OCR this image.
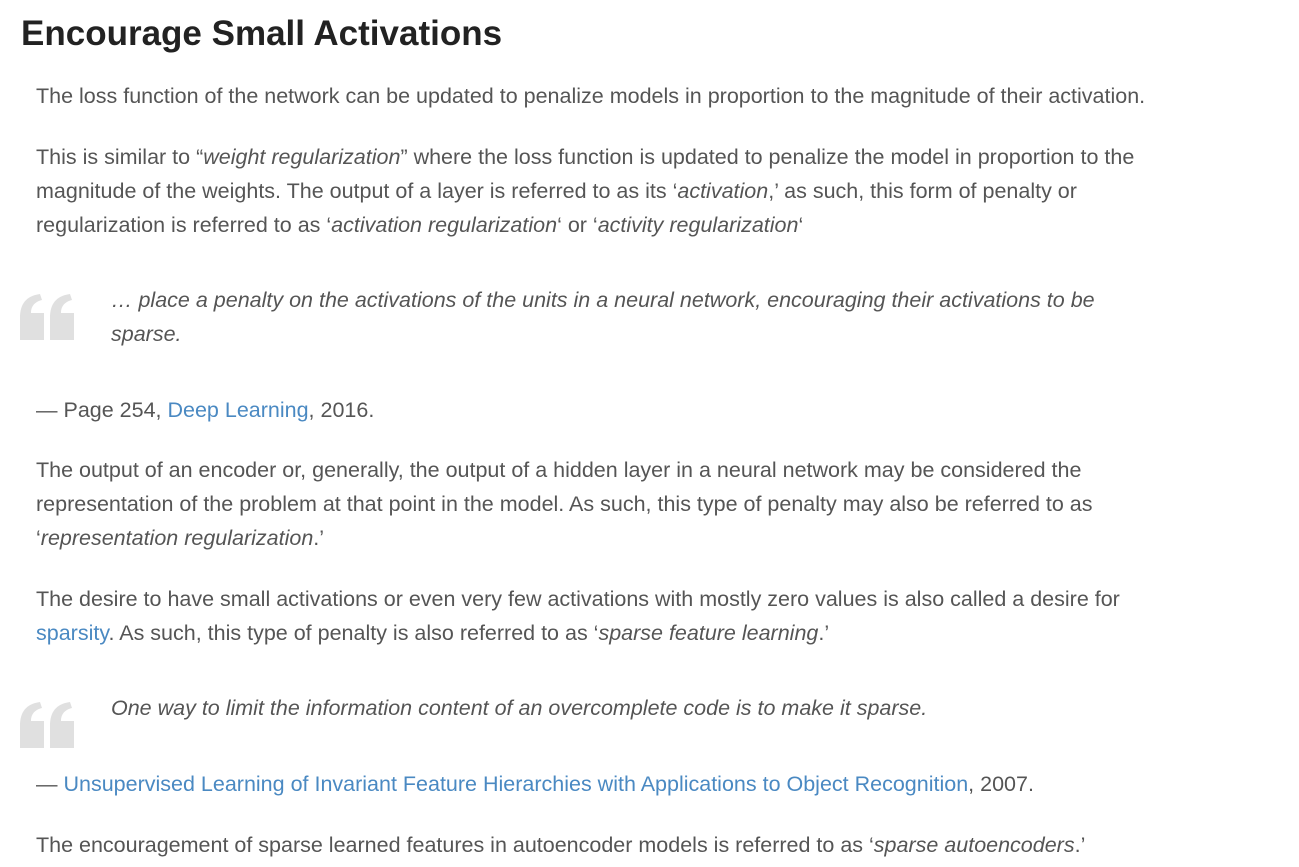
Encourage Small Activations

The loss function of the network can be updated to penalize models in proportion to the magnitude of their activation.

This is similar to “weight regularization” where the loss function is updated to penalize the model in proportion to the magnitude of the weights. The output of a layer is referred to as its ‘activation,’ as such, this form of penalty or regularization is referred to as ‘activation regularization‘ or ‘activity regularization‘

… place a penalty on the activations of the units in a neural network, encouraging their activations to be sparse.

— Page 254, Deep Learning, 2016.

The output of an encoder or, generally, the output of a hidden layer in a neural network may be considered the representation of the problem at that point in the model. As such, this type of penalty may also be referred to as ‘representation regularization.’

The desire to have small activations or even very few activations with mostly zero values is also called a desire for sparsity. As such, this type of penalty is also referred to as ‘sparse feature learning.’

One way to limit the information content of an overcomplete code is to make it sparse.

— Unsupervised Learning of Invariant Feature Hierarchies with Applications to Object Recognition, 2007.

The encouragement of sparse learned features in autoencoder models is referred to as ‘sparse autoencoders.’
